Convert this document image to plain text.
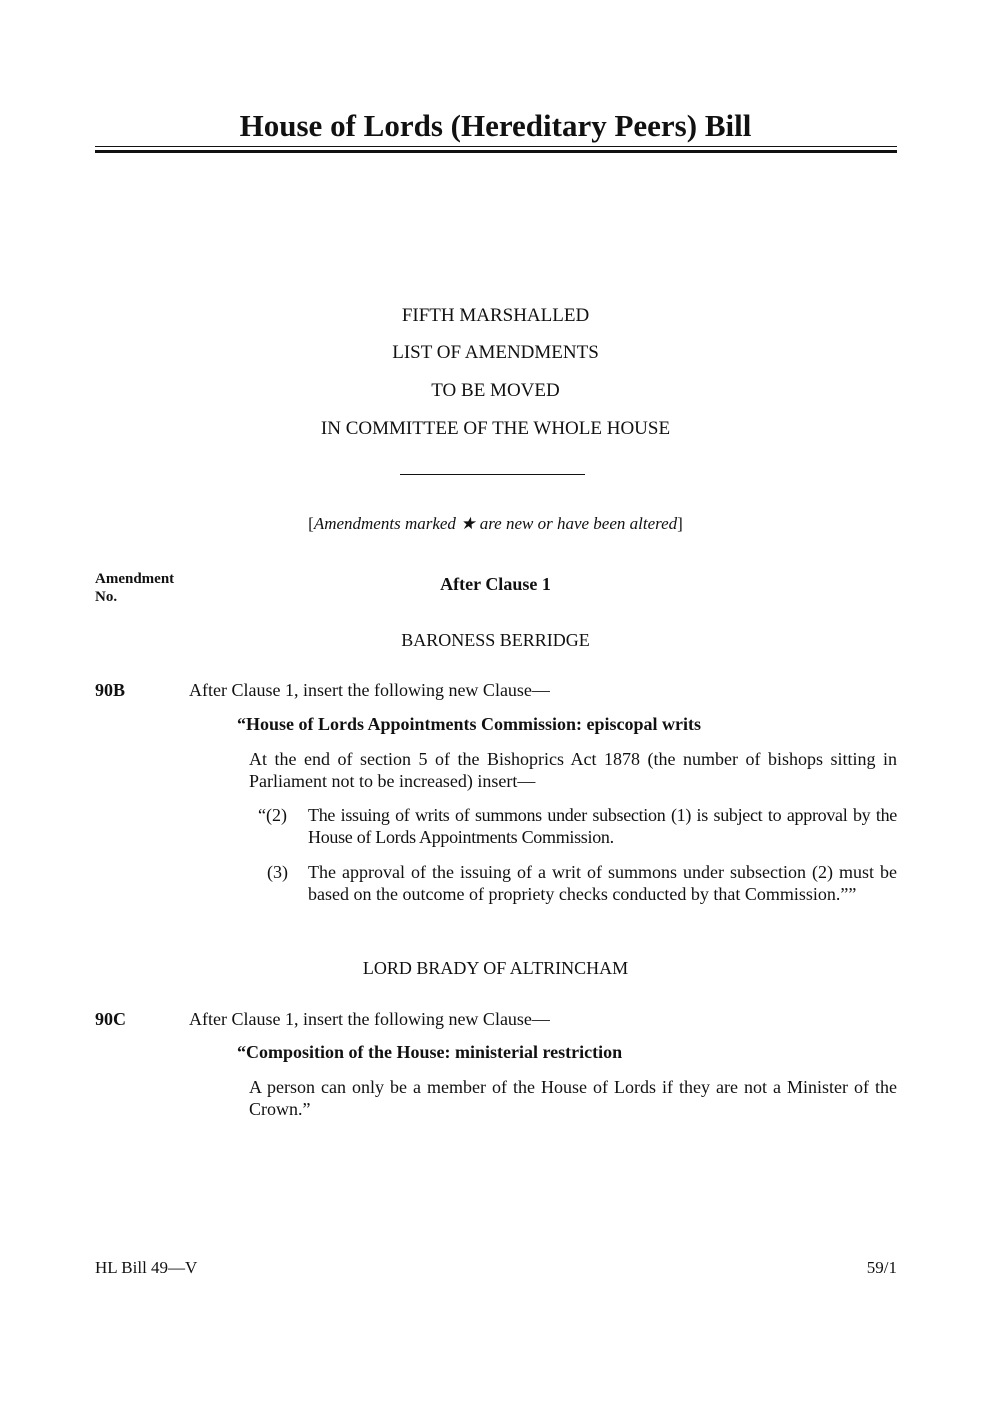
House of Lords (Hereditary Peers) Bill
FIFTH MARSHALLED
LIST OF AMENDMENTS
TO BE MOVED
IN COMMITTEE OF THE WHOLE HOUSE
[Amendments marked ★ are new or have been altered]
Amendment
No.
After Clause 1
BARONESS BERRIDGE
90B	After Clause 1, insert the following new Clause—
“House of Lords Appointments Commission: episcopal writs
At the end of section 5 of the Bishoprics Act 1878 (the number of bishops sitting in Parliament not to be increased) insert—
“(2) The issuing of writs of summons under subsection (1) is subject to approval by the House of Lords Appointments Commission.
(3) The approval of the issuing of a writ of summons under subsection (2) must be based on the outcome of propriety checks conducted by that Commission.””
LORD BRADY OF ALTRINCHAM
90C	After Clause 1, insert the following new Clause—
“Composition of the House: ministerial restriction
A person can only be a member of the House of Lords if they are not a Minister of the Crown.”
HL Bill 49—V	59/1
